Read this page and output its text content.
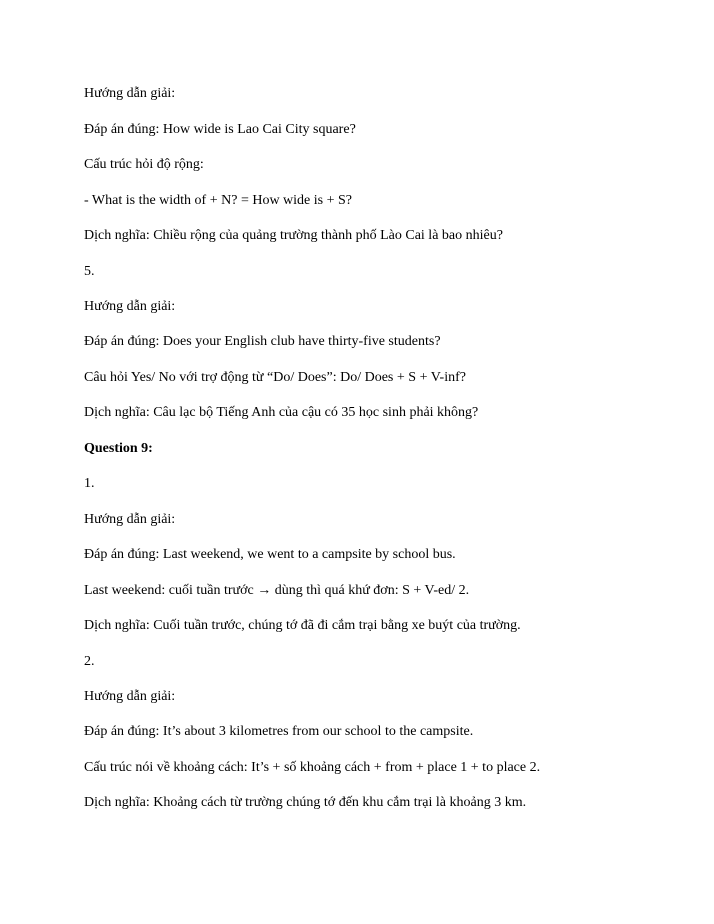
Hướng dẫn giải:
Đáp án đúng: How wide is Lao Cai City square?
Cấu trúc hỏi độ rộng:
- What is the width of + N? = How wide is + S?
Dịch nghĩa: Chiều rộng của quảng trường thành phố Lào Cai là bao nhiêu?
5.
Hướng dẫn giải:
Đáp án đúng: Does your English club have thirty-five students?
Câu hỏi Yes/ No với trợ động từ “Do/ Does”: Do/ Does + S + V-inf?
Dịch nghĩa: Câu lạc bộ Tiếng Anh của cậu có 35 học sinh phải không?
Question 9:
1.
Hướng dẫn giải:
Đáp án đúng: Last weekend, we went to a campsite by school bus.
Last weekend: cuối tuần trước → dùng thì quá khứ đơn: S + V-ed/ 2.
Dịch nghĩa: Cuối tuần trước, chúng tớ đã đi cắm trại bằng xe buýt của trường.
2.
Hướng dẫn giải:
Đáp án đúng: It’s about 3 kilometres from our school to the campsite.
Cấu trúc nói về khoảng cách: It’s + số khoảng cách + from + place 1 + to place 2.
Dịch nghĩa: Khoảng cách từ trường chúng tớ đến khu cắm trại là khoảng 3 km.
